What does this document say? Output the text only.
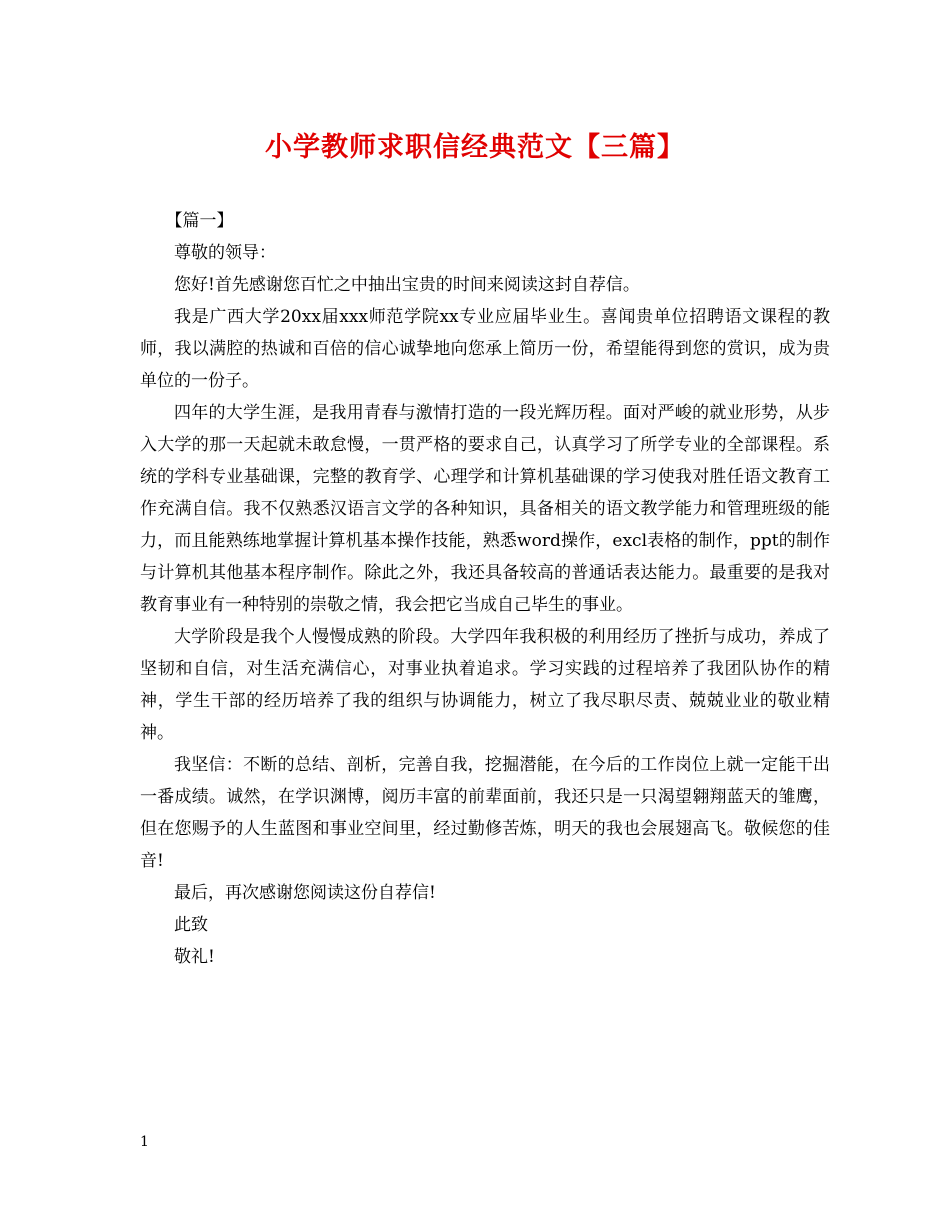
小学教师求职信经典范文【三篇】

【篇一】

尊敬的领导：

您好!首先感谢您百忙之中抽出宝贵的时间来阅读这封自荐信。

我是广西大学20xx届xxx师范学院xx专业应届毕业生。喜闻贵单位招聘语文课程的教师，我以满腔的热诚和百倍的信心诚挚地向您承上简历一份，希望能得到您的赏识，成为贵单位的一份子。

四年的大学生涯，是我用青春与激情打造的一段光辉历程。面对严峻的就业形势，从步入大学的那一天起就未敢怠慢，一贯严格的要求自己，认真学习了所学专业的全部课程。系统的学科专业基础课，完整的教育学、心理学和计算机基础课的学习使我对胜任语文教育工作充满自信。我不仅熟悉汉语言文学的各种知识，具备相关的语文教学能力和管理班级的能力，而且能熟练地掌握计算机基本操作技能，熟悉word操作，excl表格的制作，ppt的制作与计算机其他基本程序制作。除此之外，我还具备较高的普通话表达能力。最重要的是我对教育事业有一种特别的崇敬之情，我会把它当成自己毕生的事业。

大学阶段是我个人慢慢成熟的阶段。大学四年我积极的利用经历了挫折与成功，养成了坚韧和自信，对生活充满信心，对事业执着追求。学习实践的过程培养了我团队协作的精神，学生干部的经历培养了我的组织与协调能力，树立了我尽职尽责、兢兢业业的敬业精神。

我坚信：不断的总结、剖析，完善自我，挖掘潜能，在今后的工作岗位上就一定能干出一番成绩。诚然，在学识渊博，阅历丰富的前辈面前，我还只是一只渴望翱翔蓝天的雏鹰，但在您赐予的人生蓝图和事业空间里，经过勤修苦炼，明天的我也会展翅高飞。敬候您的佳音!

最后，再次感谢您阅读这份自荐信!

此致

敬礼!

1
